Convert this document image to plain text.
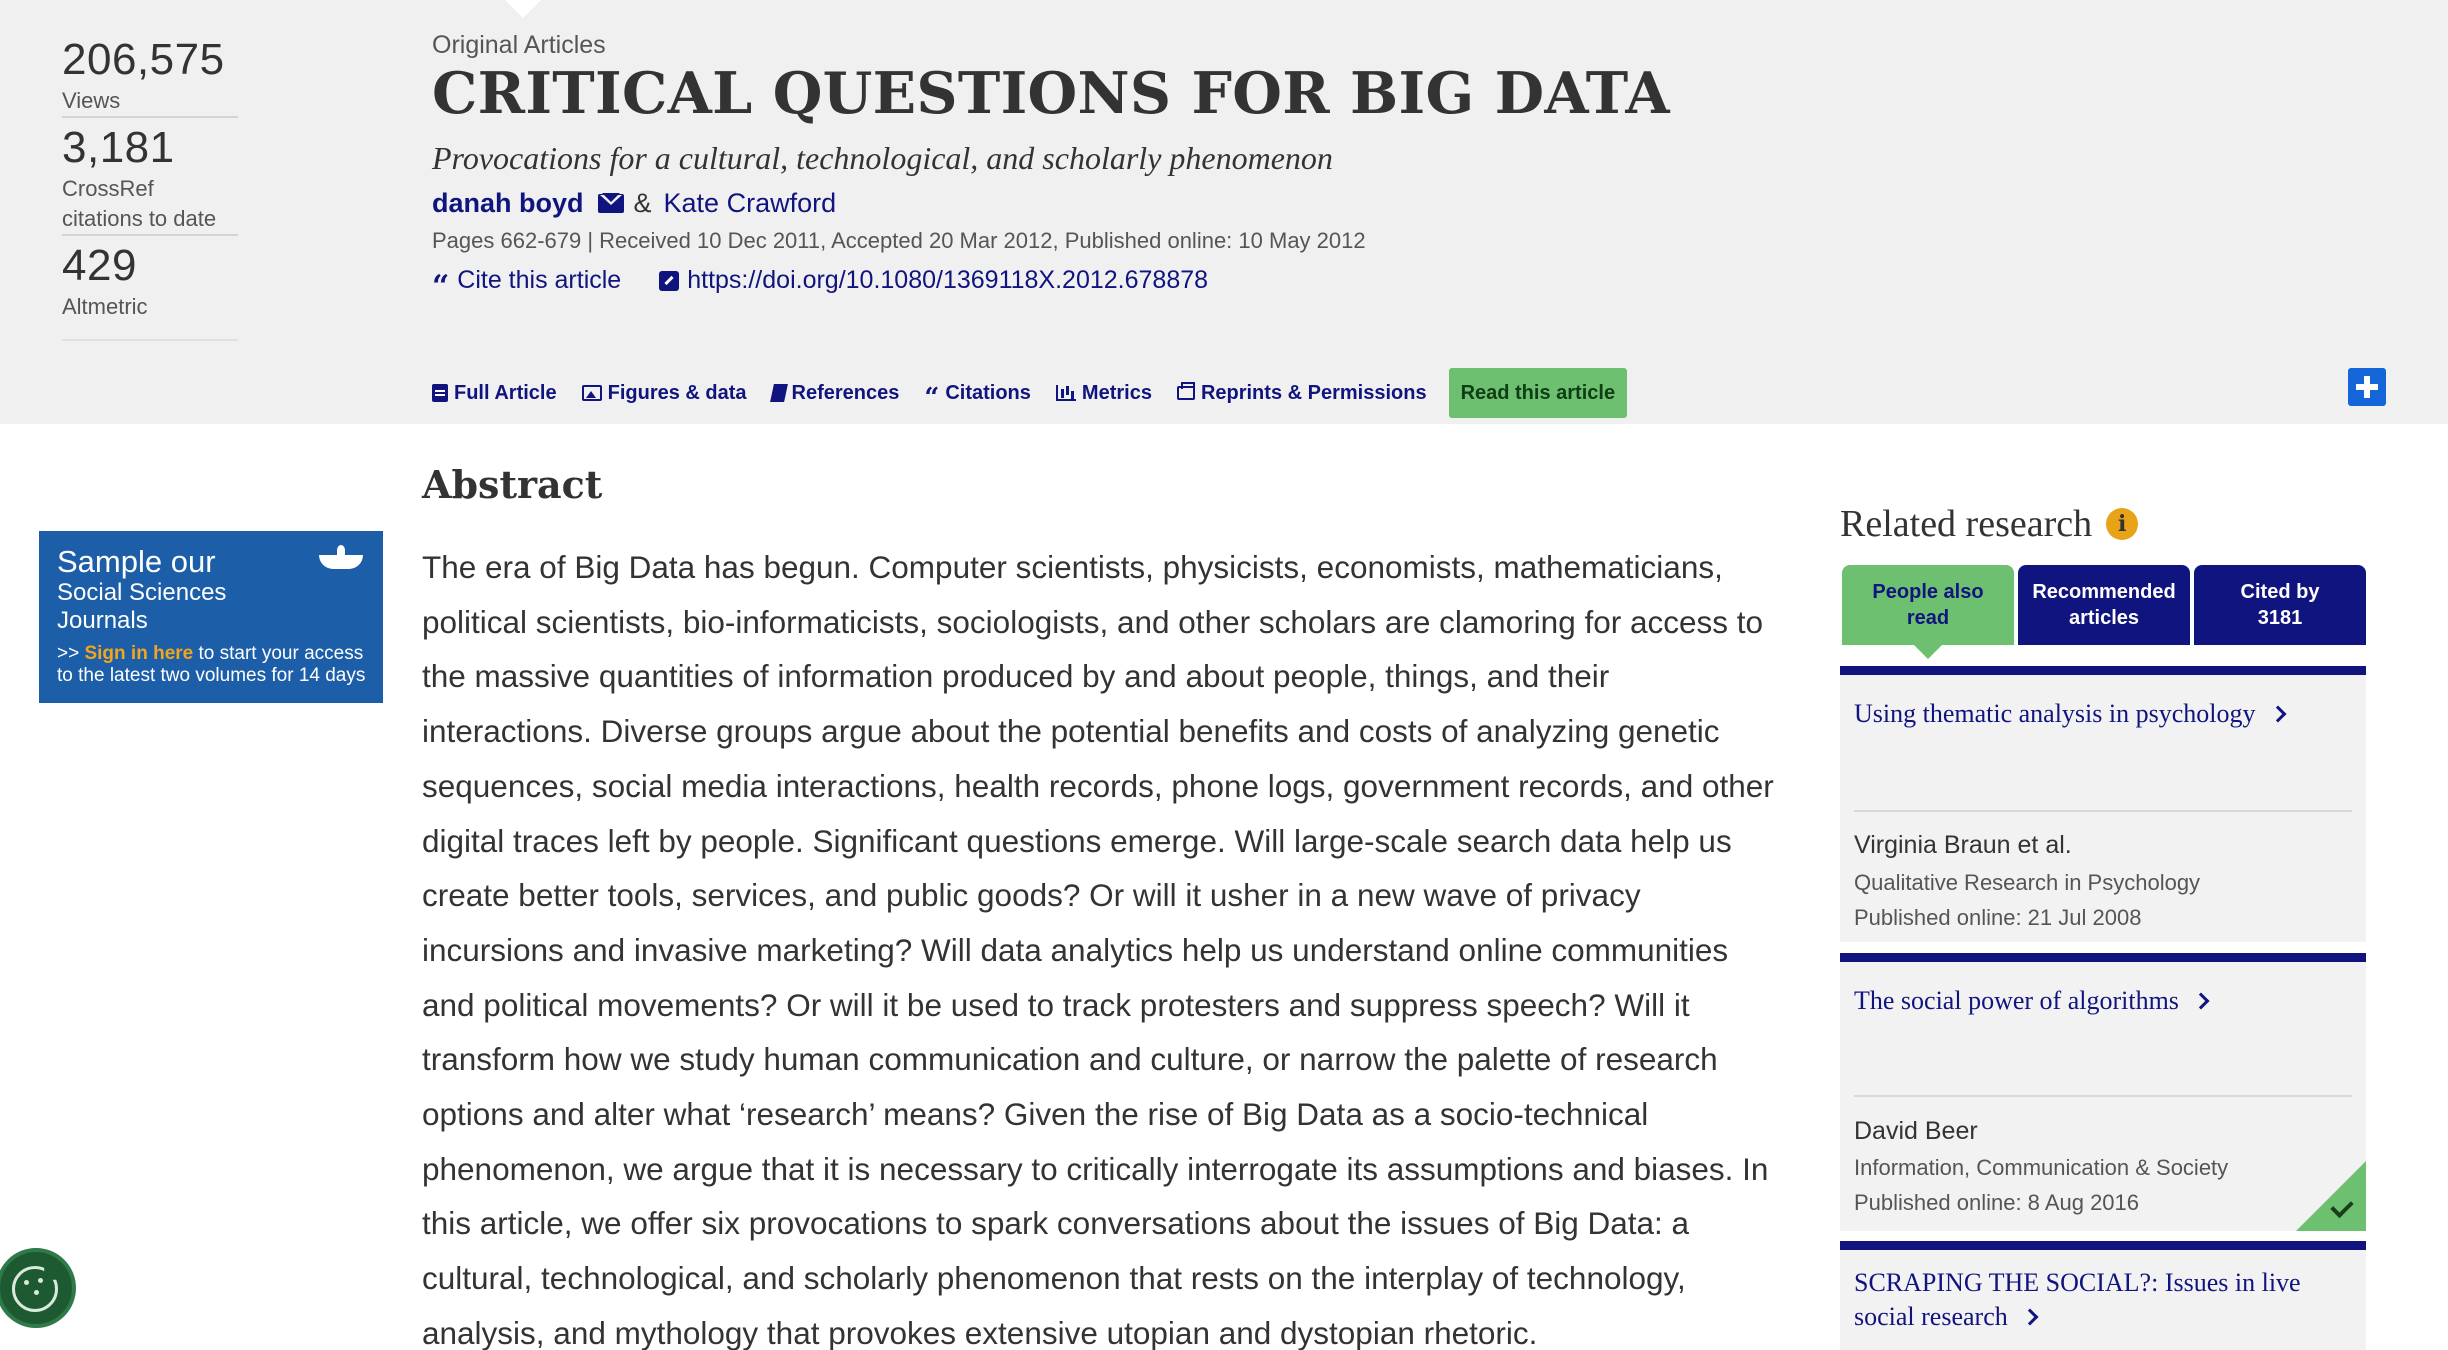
206,575
Views
3,181
CrossRef citations to date
429
Altmetric
Original Articles
CRITICAL QUESTIONS FOR BIG DATA
Provocations for a cultural, technological, and scholarly phenomenon
danah boyd & Kate Crawford
Pages 662-679 | Received 10 Dec 2011, Accepted 20 Mar 2012, Published online: 10 May 2012
“ Cite this article	https://doi.org/10.1080/1369118X.2012.678878
Full Article	Figures & data References “ Citations	Metrics Reprints & Permissions	Read this article
Sample our
Social Sciences
Journals
>> Sign in here to start your access
to the latest two volumes for 14 days
Abstract
The era of Big Data has begun. Computer scientists, physicists, economists, mathematicians,
political scientists, bio-informaticists, sociologists, and other scholars are clamoring for access to
the massive quantities of information produced by and about people, things, and their
interactions. Diverse groups argue about the potential benefits and costs of analyzing genetic
sequences, social media interactions, health records, phone logs, government records, and other
digital traces left by people. Significant questions emerge. Will large-scale search data help us
create better tools, services, and public goods? Or will it usher in a new wave of privacy
incursions and invasive marketing? Will data analytics help us understand online communities
and political movements? Or will it be used to track protesters and suppress speech? Will it
transform how we study human communication and culture, or narrow the palette of research
options and alter what ‘research’ means? Given the rise of Big Data as a socio-technical
phenomenon, we argue that it is necessary to critically interrogate its assumptions and biases. In
this article, we offer six provocations to spark conversations about the issues of Big Data: a
cultural, technological, and scholarly phenomenon that rests on the interplay of technology,
analysis, and mythology that provokes extensive utopian and dystopian rhetoric.
Related research	i
People also read
Recommended articles
Cited by 3181
Using thematic analysis in psychology
Virginia Braun et al.
Qualitative Research in Psychology
Published online: 21 Jul 2008
The social power of algorithms
David Beer
Information, Communication & Society
Published online: 8 Aug 2016
SCRAPING THE SOCIAL?: Issues in live social research
